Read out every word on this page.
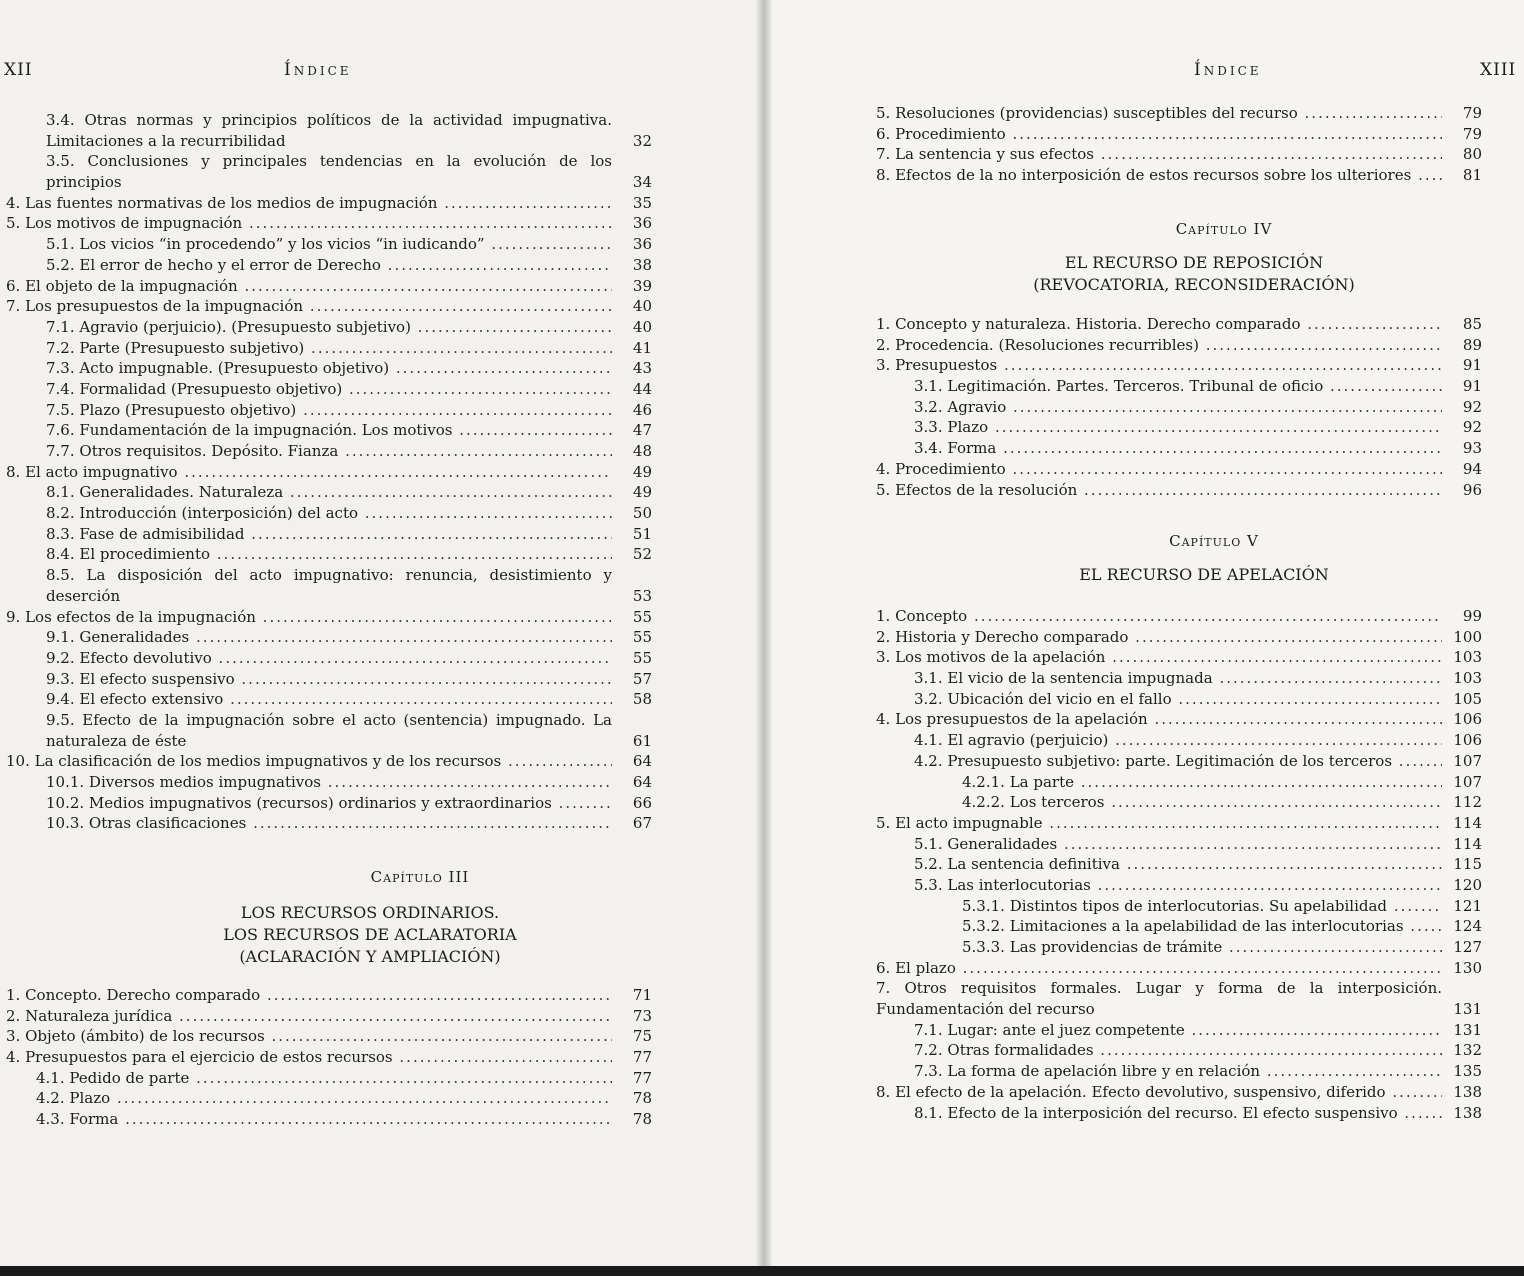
XII	Índice
3.4. Otras normas y principios políticos de la actividad impugnativa. Limitaciones a la recurribilidad	32
3.5. Conclusiones y principales tendencias en la evolución de los principios	34
4. Las fuentes normativas de los medios de impugnación .....	35
5. Los motivos de impugnación .....	36
5.1. Los vicios “in procedendo” y los vicios “in iudicando” .....	36
5.2. El error de hecho y el error de Derecho .....	38
6. El objeto de la impugnación .....	39
7. Los presupuestos de la impugnación .....	40
7.1. Agravio (perjuicio). (Presupuesto subjetivo) .....	40
7.2. Parte (Presupuesto subjetivo) .....	41
7.3. Acto impugnable. (Presupuesto objetivo) .....	43
7.4. Formalidad (Presupuesto objetivo) .....	44
7.5. Plazo (Presupuesto objetivo) .....	46
7.6. Fundamentación de la impugnación. Los motivos .....	47
7.7. Otros requisitos. Depósito. Fianza .....	48
8. El acto impugnativo .....	49
8.1. Generalidades. Naturaleza .....	49
8.2. Introducción (interposición) del acto .....	50
8.3. Fase de admisibilidad .....	51
8.4. El procedimiento .....	52
8.5. La disposición del acto impugnativo: renuncia, desistimiento y deserción	53
9. Los efectos de la impugnación .....	55
9.1. Generalidades .....	55
9.2. Efecto devolutivo .....	55
9.3. El efecto suspensivo .....	57
9.4. El efecto extensivo .....	58
9.5. Efecto de la impugnación sobre el acto (sentencia) impugnado. La naturaleza de éste	61
10. La clasificación de los medios impugnativos y de los recursos .....	64
10.1. Diversos medios impugnativos .....	64
10.2. Medios impugnativos (recursos) ordinarios y extraordinarios .....	66
10.3. Otras clasificaciones .....	67
Capítulo III
LOS RECURSOS ORDINARIOS.
LOS RECURSOS DE ACLARATORIA
(ACLARACIÓN Y AMPLIACIÓN)
1. Concepto. Derecho comparado .....	71
2. Naturaleza jurídica .....	73
3. Objeto (ámbito) de los recursos .....	75
4. Presupuestos para el ejercicio de estos recursos .....	77
4.1. Pedido de parte .....	77
4.2. Plazo .....	78
4.3. Forma .....	78
Índice	XIII
5. Resoluciones (providencias) susceptibles del recurso .....	79
6. Procedimiento .....	79
7. La sentencia y sus efectos .....	80
8. Efectos de la no interposición de estos recursos sobre los ulteriores .....	81
Capítulo IV
EL RECURSO DE REPOSICIÓN
(REVOCATORIA, RECONSIDERACIÓN)
1. Concepto y naturaleza. Historia. Derecho comparado .....	85
2. Procedencia. (Resoluciones recurribles) .....	89
3. Presupuestos .....	91
3.1. Legitimación. Partes. Terceros. Tribunal de oficio .....	91
3.2. Agravio .....	92
3.3. Plazo .....	92
3.4. Forma .....	93
4. Procedimiento .....	94
5. Efectos de la resolución .....	96
Capítulo V
EL RECURSO DE APELACIÓN
1. Concepto .....	99
2. Historia y Derecho comparado .....	100
3. Los motivos de la apelación .....	103
3.1. El vicio de la sentencia impugnada .....	103
3.2. Ubicación del vicio en el fallo .....	105
4. Los presupuestos de la apelación .....	106
4.1. El agravio (perjuicio) .....	106
4.2. Presupuesto subjetivo: parte. Legitimación de los terceros .....	107
4.2.1. La parte .....	107
4.2.2. Los terceros .....	112
5. El acto impugnable .....	114
5.1. Generalidades .....	114
5.2. La sentencia definitiva .....	115
5.3. Las interlocutorias .....	120
5.3.1. Distintos tipos de interlocutorias. Su apelabilidad .....	121
5.3.2. Limitaciones a la apelabilidad de las interlocutorias .....	124
5.3.3. Las providencias de trámite .....	127
6. El plazo .....	130
7. Otros requisitos formales. Lugar y forma de la interposición. Fundamentación del recurso	131
7.1. Lugar: ante el juez competente .....	131
7.2. Otras formalidades .....	132
7.3. La forma de apelación libre y en relación .....	135
8. El efecto de la apelación. Efecto devolutivo, suspensivo, diferido .....	138
8.1. Efecto de la interposición del recurso. El efecto suspensivo .....	138
